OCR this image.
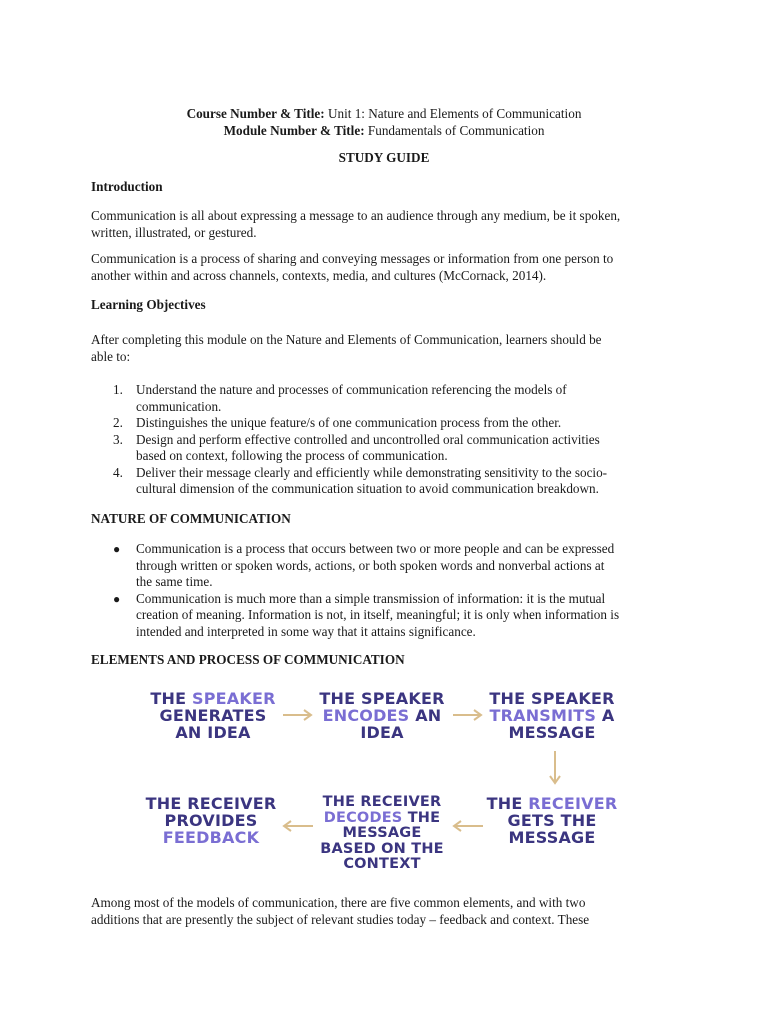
Course Number & Title: Unit 1: Nature and Elements of Communication

Module Number & Title: Fundamentals of Communication

STUDY GUIDE

Introduction

Communication is all about expressing a message to an audience through any medium, be it spoken,
written, illustrated, or gestured.

Communication is a process of sharing and conveying messages or information from one person to
another within and across channels, contexts, media, and cultures (McCornack, 2014).

Learning Objectives

After completing this module on the Nature and Elements of Communication, learners should be
able to:

1. Understand the nature and processes of communication referencing the models of
communication.
2. Distinguishes the unique feature/s of one communication process from the other.
3. Design and perform effective controlled and uncontrolled oral communication activities
based on context, following the process of communication.
4. Deliver their message clearly and efficiently while demonstrating sensitivity to the socio-
cultural dimension of the communication situation to avoid communication breakdown.

NATURE OF COMMUNICATION

● Communication is a process that occurs between two or more people and can be expressed
through written or spoken words, actions, or both spoken words and nonverbal actions at
the same time.
● Communication is much more than a simple transmission of information: it is the mutual
creation of meaning. Information is not, in itself, meaningful; it is only when information is
intended and interpreted in some way that it attains significance.

ELEMENTS AND PROCESS OF COMMUNICATION

THE SPEAKER
GENERATES
AN IDEA
THE SPEAKER
ENCODES AN
IDEA
THE SPEAKER
TRANSMITS A
MESSAGE
THE RECEIVER
GETS THE
MESSAGE
THE RECEIVER
DECODES THE
MESSAGE
BASED ON THE
CONTEXT
THE RECEIVER
PROVIDES
FEEDBACK

Among most of the models of communication, there are five common elements, and with two
additions that are presently the subject of relevant studies today – feedback and context. These
